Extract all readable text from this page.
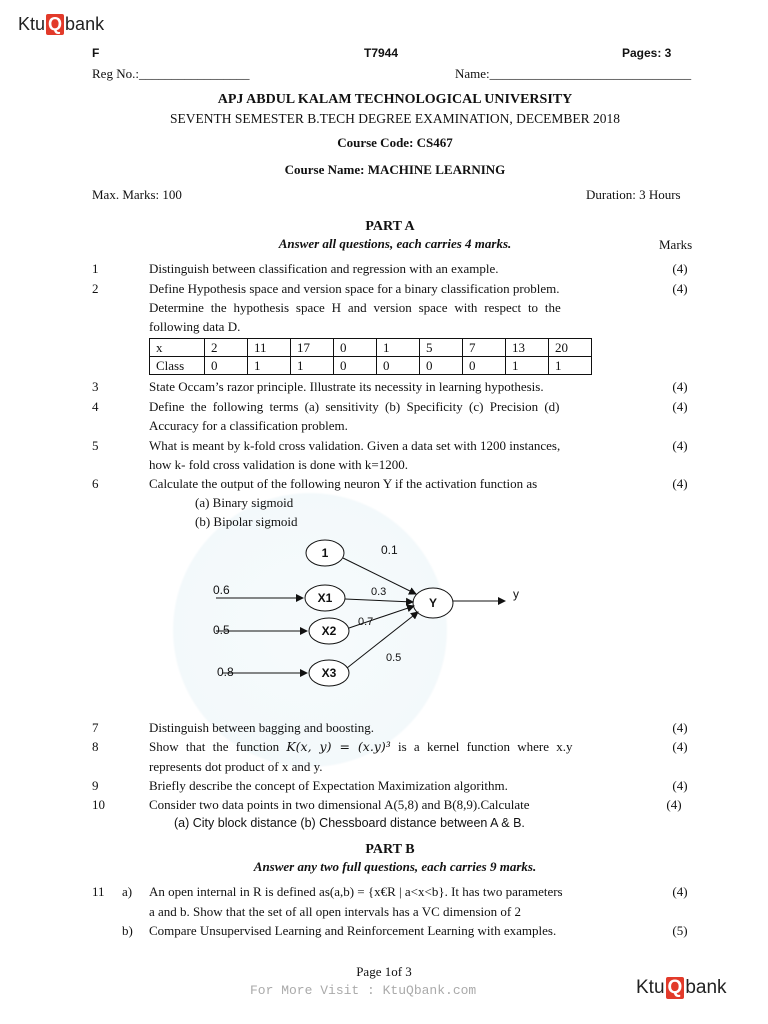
Ktu Q bank
F	T7944	Pages: 3
Reg No.:_________________	Name:_______________________________
APJ ABDUL KALAM TECHNOLOGICAL UNIVERSITY
SEVENTH SEMESTER B.TECH DEGREE EXAMINATION, DECEMBER 2018
Course Code: CS467
Course Name: MACHINE LEARNING
Max. Marks: 100	Duration: 3 Hours
PART A
Answer all questions, each carries 4 marks.	Marks
1	Distinguish between classification and regression with an example.	(4)
2	Define Hypothesis space and version space for a binary classification problem.
Determine the hypothesis space H and version space with respect to the
following data D.
(4)
x	2	11	17	0	1	5	7	13	20
Class	0	1	1	0	0	0	0	1	1
3	State Occam’s razor principle. Illustrate its necessity in learning hypothesis.	(4)
4	Define the following terms (a) sensitivity (b) Specificity (c) Precision (d)
Accuracy for a classification problem.
(4)
5	What is meant by k-fold cross validation. Given a data set with 1200 instances,
how k- fold cross validation is done with k=1200.
(4)
6	Calculate the output of the following neuron Y if the activation function as
(a) Binary sigmoid
(b) Bipolar sigmoid
(4)
1
X1
X2
X3
Y
0.1
0.3
0.7
0.5
0.6
0.5
0.8
y
7	Distinguish between bagging and boosting.	(4)
8	Show that the function K(x, y) = (x.y)³ is a kernel function where x.y
represents dot product of x and y.
(4)
9	Briefly describe the concept of Expectation Maximization algorithm.	(4)
10	Consider two data points in two dimensional A(5,8) and B(8,9).Calculate
(a) City block distance (b) Chessboard distance between A & B.
(4)
PART B
Answer any two full questions, each carries 9 marks.
11	a) An open internal in R is defined as(a,b) = {x€R | a<x<b}. It has two parameters
a and b. Show that the set of all open intervals has a VC dimension of 2
(4)
b) Compare Unsupervised Learning and Reinforcement Learning with examples.	(5)
Page 1of 3
For More Visit : KtuQbank.com	Ktu Q bank
